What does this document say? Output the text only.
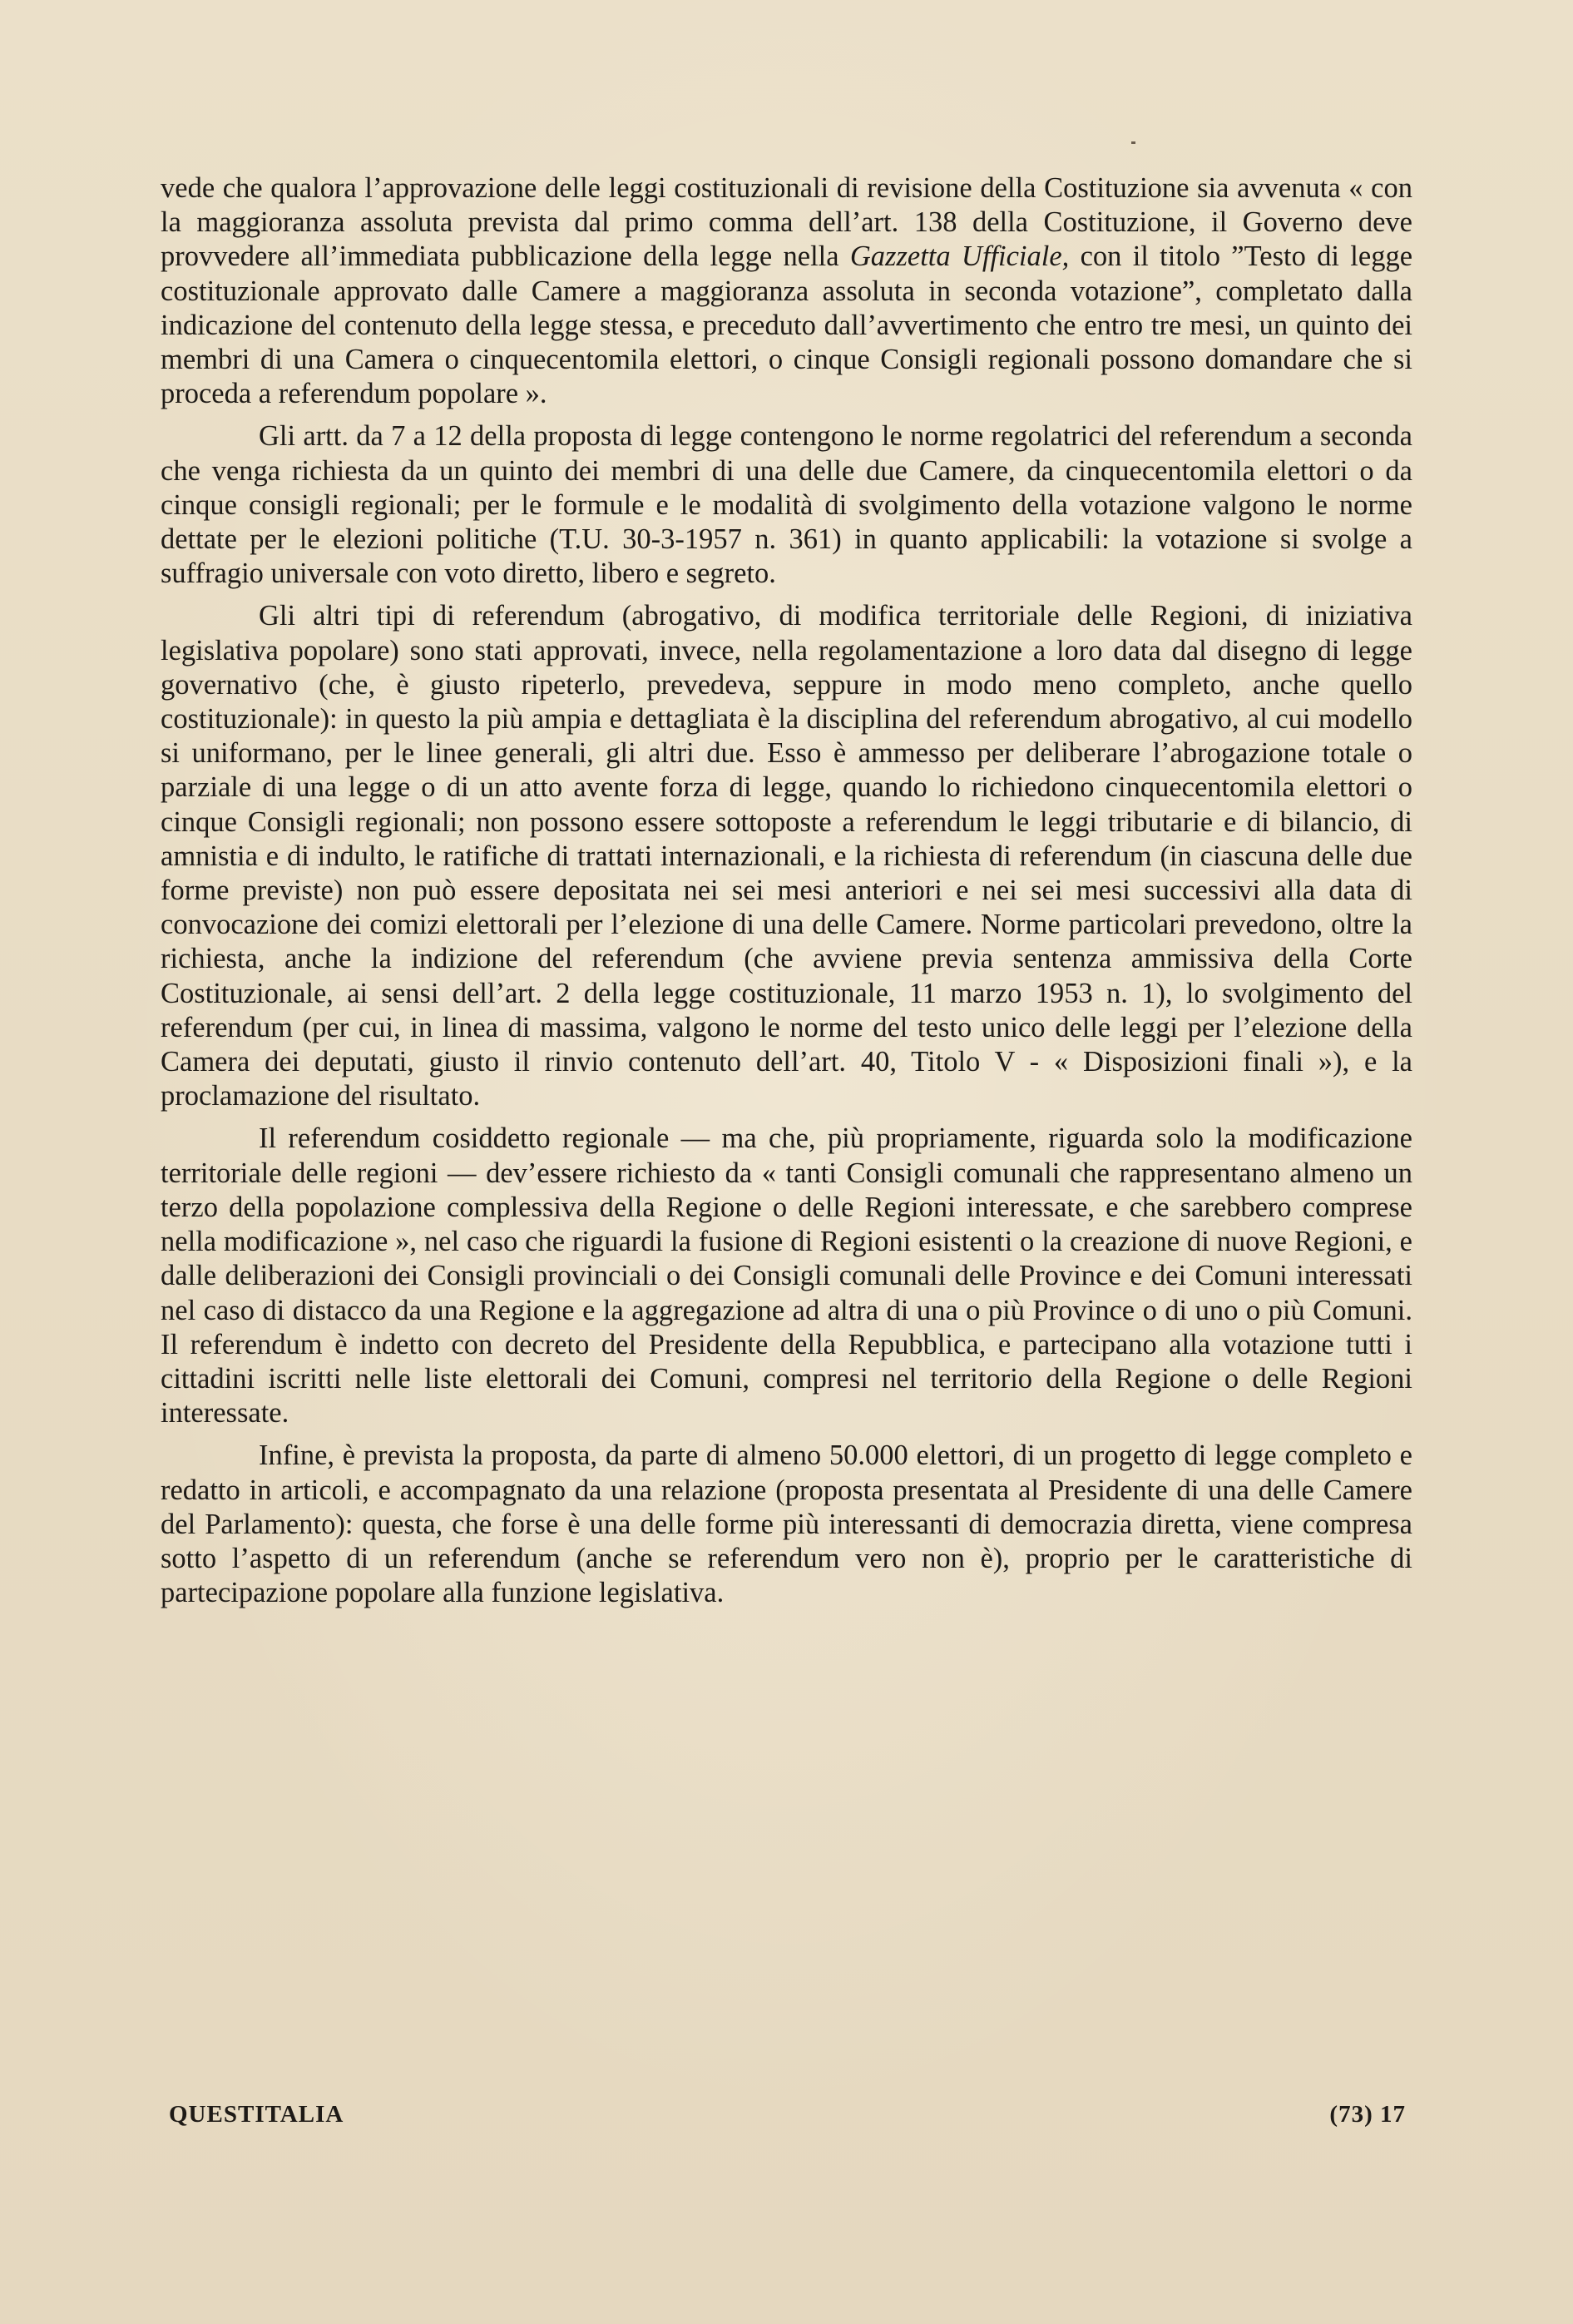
vede che qualora l’approvazione delle leggi costituzionali di revisione della Costituzione sia avvenuta « con la maggioranza assoluta prevista dal primo comma dell’art. 138 della Costituzione, il Governo deve provvedere all’immediata pubblicazione della legge nella Gazzetta Ufficiale, con il titolo ”Testo di legge costituzionale approvato dalle Camere a maggioranza assoluta in seconda votazione”, completato dalla indicazione del contenuto della legge stessa, e preceduto dall’avvertimento che entro tre mesi, un quinto dei membri di una Camera o cinquecentomila elettori, o cinque Consigli regionali possono domandare che si proceda a referendum popolare ».

Gli artt. da 7 a 12 della proposta di legge contengono le norme regolatrici del referendum a seconda che venga richiesta da un quinto dei membri di una delle due Camere, da cinquecentomila elettori o da cinque consigli regionali; per le formule e le modalità di svolgimento della votazione valgono le norme dettate per le elezioni politiche (T.U. 30-3-1957 n. 361) in quanto applicabili: la votazione si svolge a suffragio universale con voto diretto, libero e segreto.

Gli altri tipi di referendum (abrogativo, di modifica territoriale delle Regioni, di iniziativa legislativa popolare) sono stati approvati, invece, nella regolamentazione a loro data dal disegno di legge governativo (che, è giusto ripeterlo, prevedeva, seppure in modo meno completo, anche quello costituzionale): in questo la più ampia e dettagliata è la disciplina del referendum abrogativo, al cui modello si uniformano, per le linee generali, gli altri due. Esso è ammesso per deliberare l’abrogazione totale o parziale di una legge o di un atto avente forza di legge, quando lo richiedono cinquecentomila elettori o cinque Consigli regionali; non possono essere sottoposte a referendum le leggi tributarie e di bilancio, di amnistia e di indulto, le ratifiche di trattati internazionali, e la richiesta di referendum (in ciascuna delle due forme previste) non può essere depositata nei sei mesi anteriori e nei sei mesi successivi alla data di convocazione dei comizi elettorali per l’elezione di una delle Camere. Norme particolari prevedono, oltre la richiesta, anche la indizione del referendum (che avviene previa sentenza ammissiva della Corte Costituzionale, ai sensi dell’art. 2 della legge costituzionale, 11 marzo 1953 n. 1), lo svolgimento del referendum (per cui, in linea di massima, valgono le norme del testo unico delle leggi per l’elezione della Camera dei deputati, giusto il rinvio contenuto dell’art. 40, Titolo V - « Disposizioni finali »), e la proclamazione del risultato.

Il referendum cosiddetto regionale — ma che, più propriamente, riguarda solo la modificazione territoriale delle regioni — dev’essere richiesto da « tanti Consigli comunali che rappresentano almeno un terzo della popolazione complessiva della Regione o delle Regioni interessate, e che sarebbero comprese nella modificazione », nel caso che riguardi la fusione di Regioni esistenti o la creazione di nuove Regioni, e dalle deliberazioni dei Consigli provinciali o dei Consigli comunali delle Province e dei Comuni interessati nel caso di distacco da una Regione e la aggregazione ad altra di una o più Province o di uno o più Comuni. Il referendum è indetto con decreto del Presidente della Repubblica, e partecipano alla votazione tutti i cittadini iscritti nelle liste elettorali dei Comuni, compresi nel territorio della Regione o delle Regioni interessate.

Infine, è prevista la proposta, da parte di almeno 50.000 elettori, di un progetto di legge completo e redatto in articoli, e accompagnato da una relazione (proposta presentata al Presidente di una delle Camere del Parlamento): questa, che forse è una delle forme più interessanti di democrazia diretta, viene compresa sotto l’aspetto di un referendum (anche se referendum vero non è), proprio per le caratteristiche di partecipazione popolare alla funzione legislativa.

QUESTITALIA	(73) 17
